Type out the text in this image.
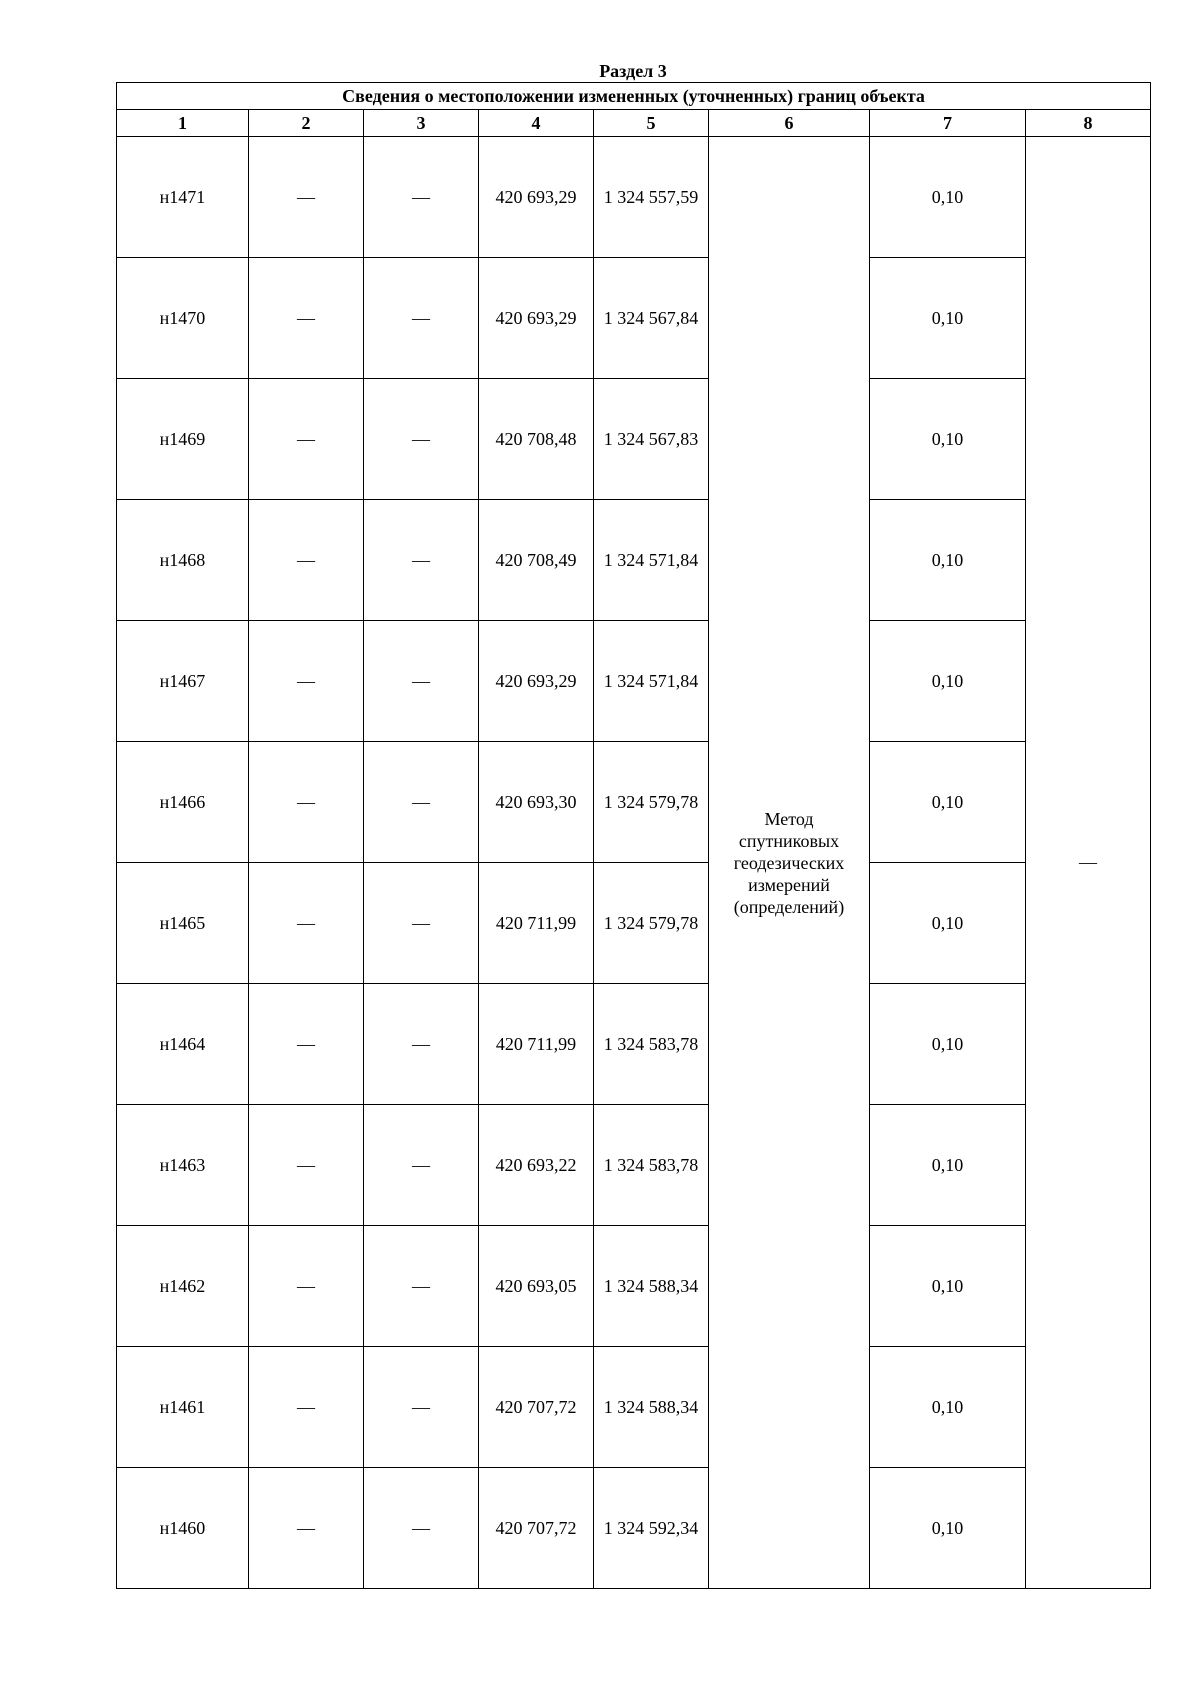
Раздел 3
Сведения о местоположении измененных (уточненных) границ объекта							
1	2	3	4	5	6	7	8
н1471	—	—	420 693,29	1 324 557,59	Метод
спутниковых
геодезических
измерений
(определений)	0,10	—
н1470	—	—	420 693,29	1 324 567,84		0,10	
н1469	—	—	420 708,48	1 324 567,83		0,10	
н1468	—	—	420 708,49	1 324 571,84		0,10	
н1467	—	—	420 693,29	1 324 571,84		0,10	
н1466	—	—	420 693,30	1 324 579,78		0,10	
н1465	—	—	420 711,99	1 324 579,78		0,10	
н1464	—	—	420 711,99	1 324 583,78		0,10	
н1463	—	—	420 693,22	1 324 583,78		0,10	
н1462	—	—	420 693,05	1 324 588,34		0,10	
н1461	—	—	420 707,72	1 324 588,34		0,10	
н1460	—	—	420 707,72	1 324 592,34		0,10	
